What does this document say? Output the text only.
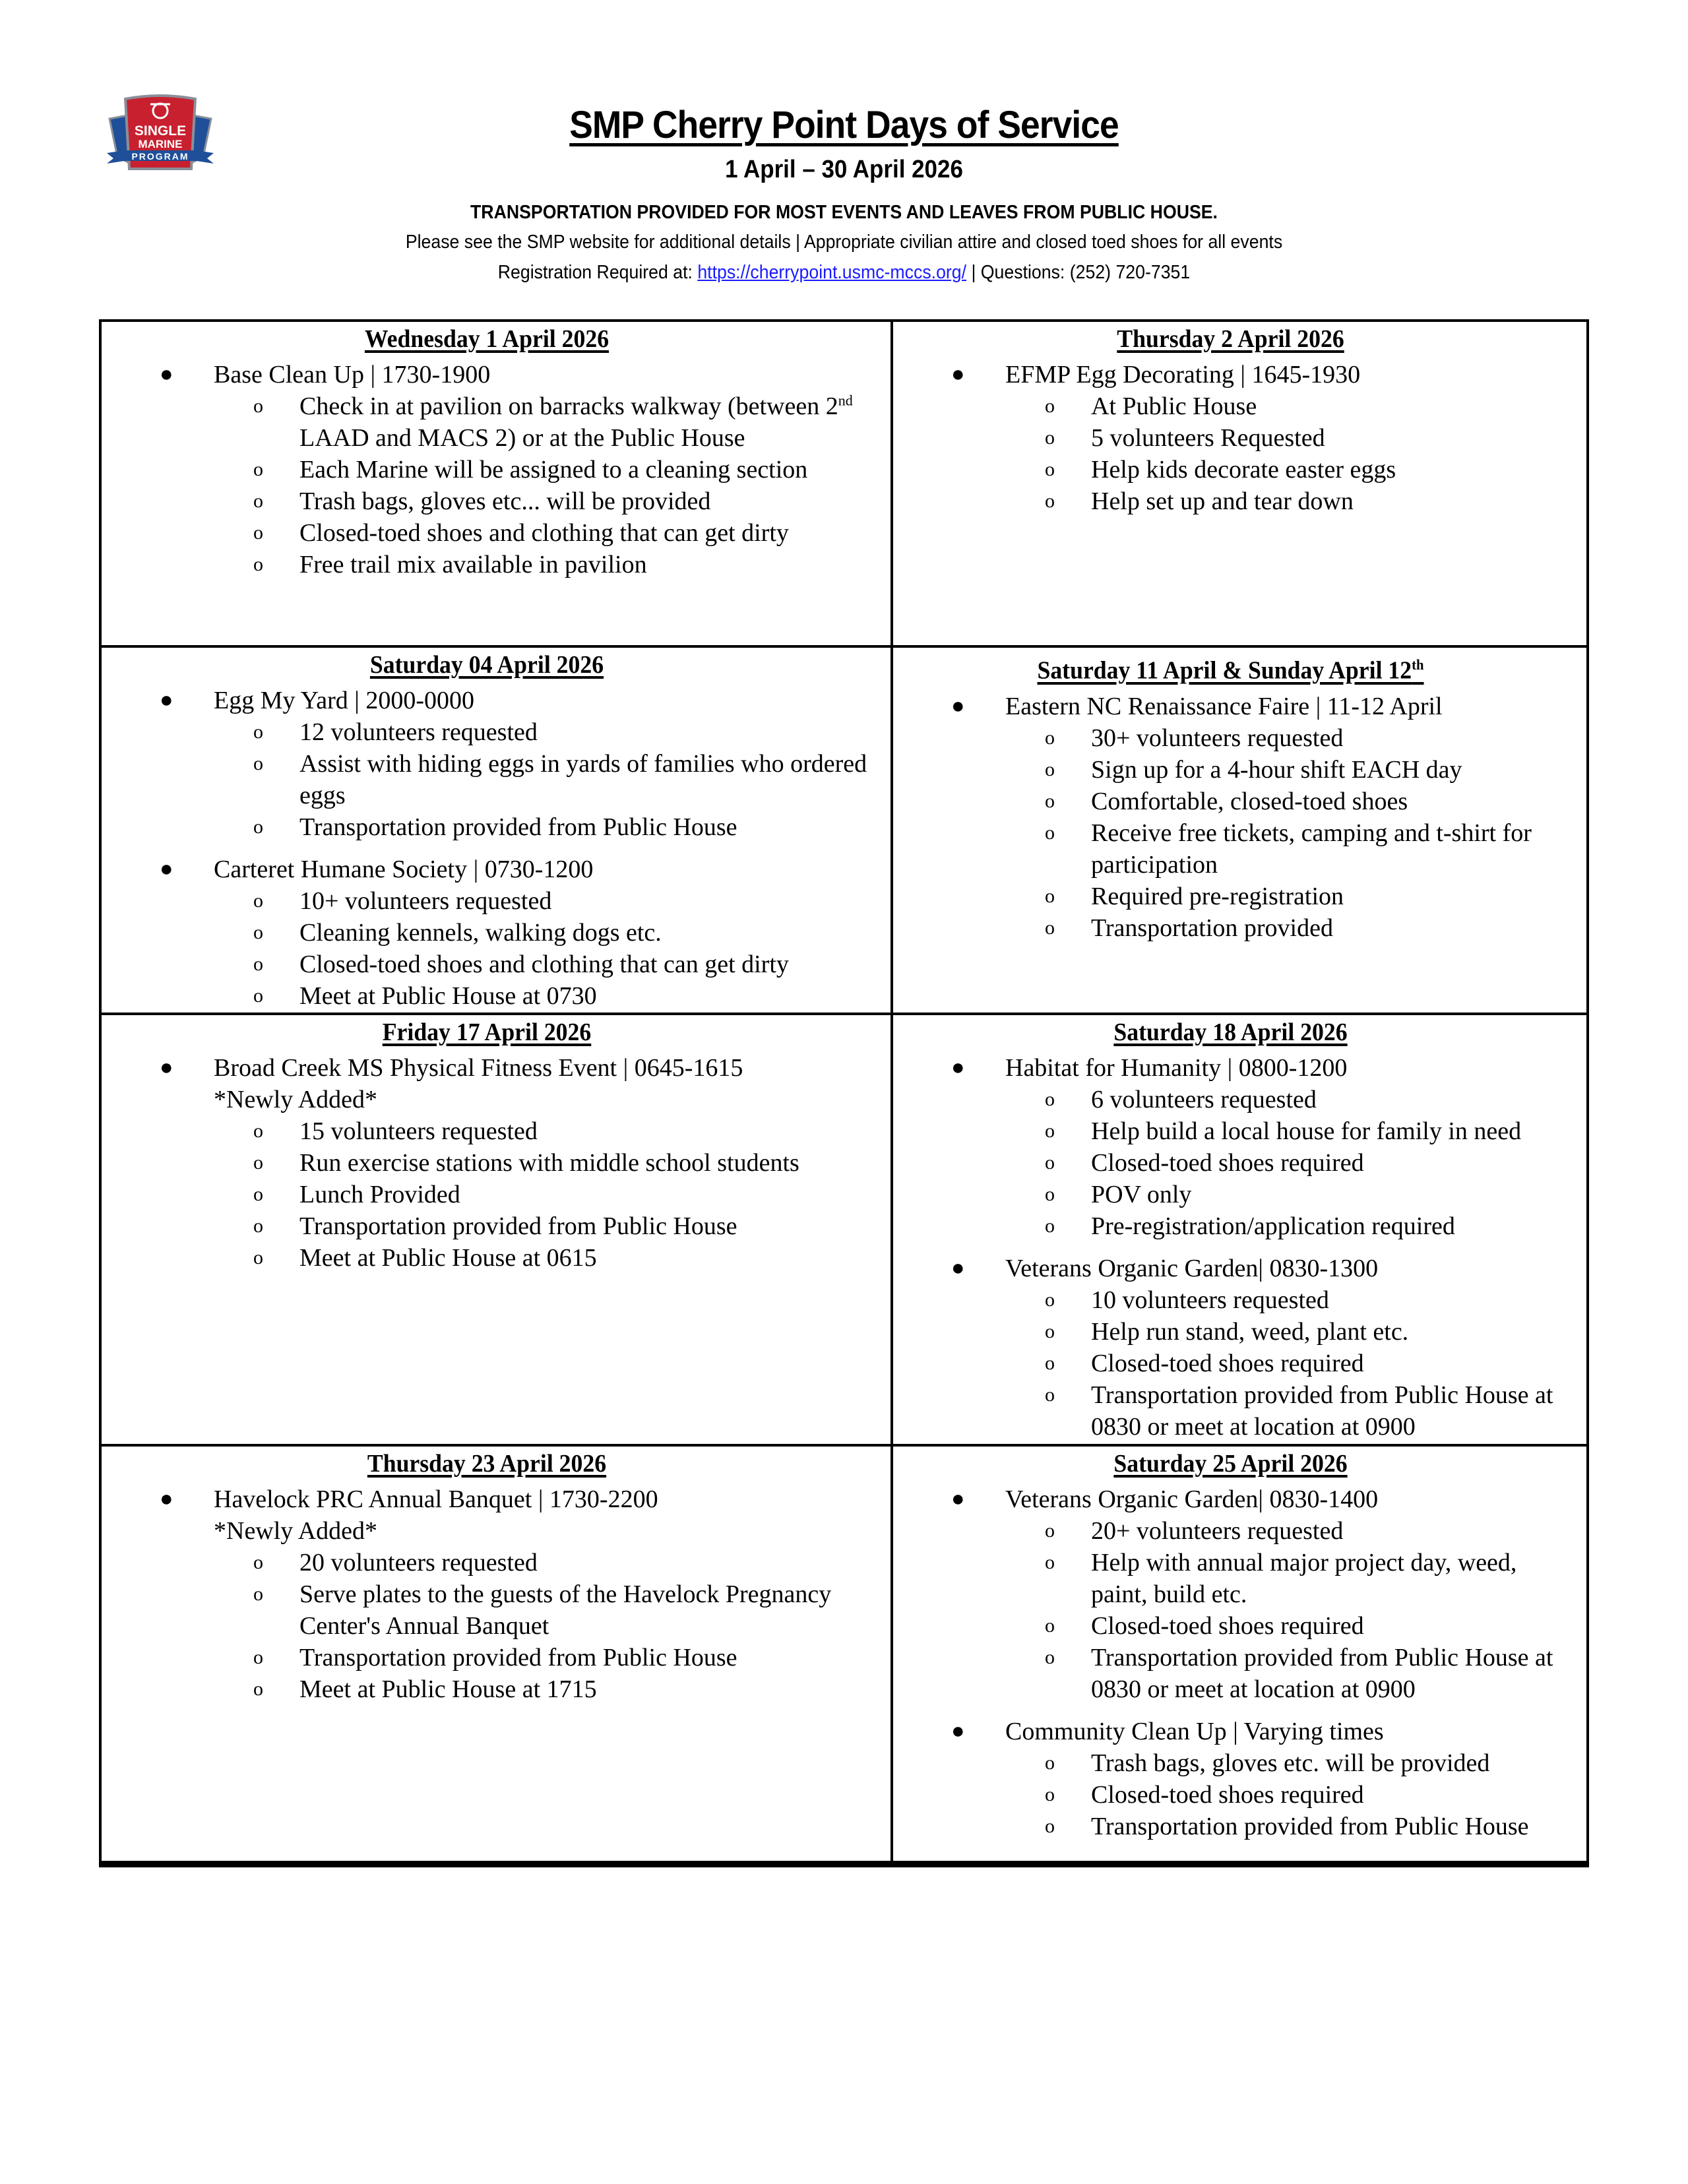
SINGLE
MARINE
PROGRAM
SMP Cherry Point Days of Service
1 April – 30 April 2026
TRANSPORTATION PROVIDED FOR MOST EVENTS AND LEAVES FROM PUBLIC HOUSE.
Please see the SMP website for additional details | Appropriate civilian attire and closed toed shoes for all events
Registration Required at: https://cherrypoint.usmc-mccs.org/ | Questions: (252) 720-7351
Wednesday 1 April 2026
● Base Clean Up | 1730-1900
o Check in at pavilion on barracks walkway (between 2nd LAAD and MACS 2) or at the Public House
o Each Marine will be assigned to a cleaning section
o Trash bags, gloves etc... will be provided
o Closed-toed shoes and clothing that can get dirty
o Free trail mix available in pavilion

Thursday 2 April 2026
● EFMP Egg Decorating | 1645-1930
o At Public House
o 5 volunteers Requested
o Help kids decorate easter eggs
o Help set up and tear down

Saturday 04 April 2026
● Egg My Yard | 2000-0000
o 12 volunteers requested
o Assist with hiding eggs in yards of families who ordered eggs
o Transportation provided from Public House
● Carteret Humane Society | 0730-1200
o 10+ volunteers requested
o Cleaning kennels, walking dogs etc.
o Closed-toed shoes and clothing that can get dirty
o Meet at Public House at 0730

Saturday 11 April & Sunday April 12th
● Eastern NC Renaissance Faire | 11-12 April
o 30+ volunteers requested
o Sign up for a 4-hour shift EACH day
o Comfortable, closed-toed shoes
o Receive free tickets, camping and t-shirt for participation
o Required pre-registration
o Transportation provided

Friday 17 April 2026
● Broad Creek MS Physical Fitness Event | 0645-1615
*Newly Added*
o 15 volunteers requested
o Run exercise stations with middle school students
o Lunch Provided
o Transportation provided from Public House
o Meet at Public House at 0615

Saturday 18 April 2026
● Habitat for Humanity | 0800-1200
o 6 volunteers requested
o Help build a local house for family in need
o Closed-toed shoes required
o POV only
o Pre-registration/application required
● Veterans Organic Garden| 0830-1300
o 10 volunteers requested
o Help run stand, weed, plant etc.
o Closed-toed shoes required
o Transportation provided from Public House at 0830 or meet at location at 0900

Thursday 23 April 2026
● Havelock PRC Annual Banquet | 1730-2200
*Newly Added*
o 20 volunteers requested
o Serve plates to the guests of the Havelock Pregnancy Center's Annual Banquet
o Transportation provided from Public House
o Meet at Public House at 1715

Saturday 25 April 2026
● Veterans Organic Garden| 0830-1400
o 20+ volunteers requested
o Help with annual major project day, weed, paint, build etc.
o Closed-toed shoes required
o Transportation provided from Public House at 0830 or meet at location at 0900
● Community Clean Up | Varying times
o Trash bags, gloves etc. will be provided
o Closed-toed shoes required
o Transportation provided from Public House
